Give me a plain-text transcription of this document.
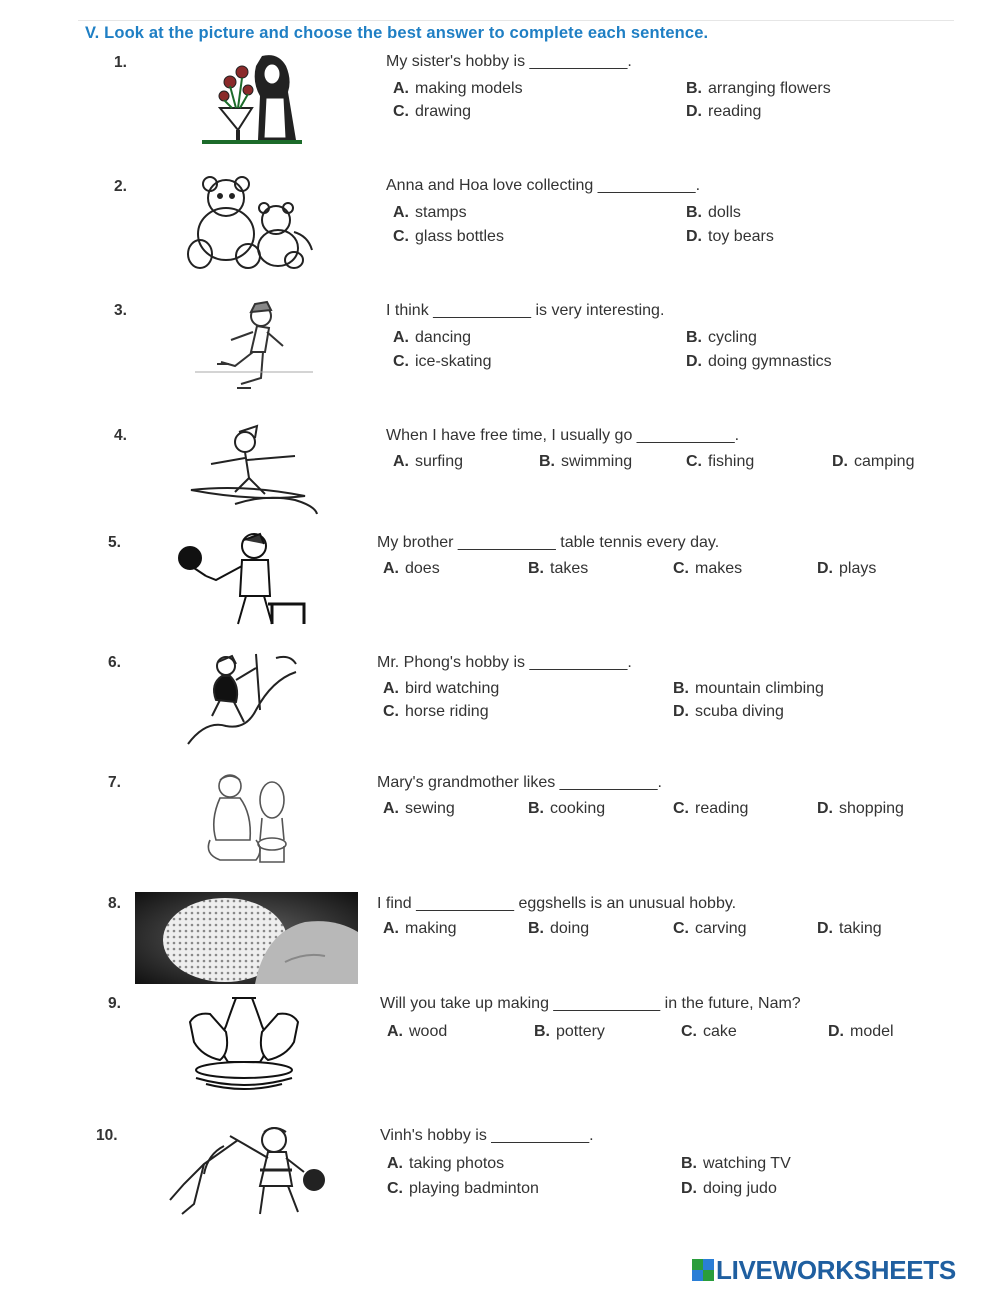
V. Look at the picture and choose the best answer to complete each sentence.
1.	My sister's hobby is ___________.
A. making models	B. arranging flowers
C. drawing	D. reading
2.	Anna and Hoa love collecting ___________.
A. stamps	B. dolls
C. glass bottles	D. toy bears
3.	I think ___________ is very interesting.
A. dancing	B. cycling
C. ice-skating	D. doing gymnastics
4.	When I have free time, I usually go ___________.
A. surfing	B. swimming	C. fishing	D. camping
5.	My brother ___________ table tennis every day.
A. does	B. takes	C. makes	D. plays
6.	Mr. Phong's hobby is ___________.
A. bird watching	B. mountain climbing
C. horse riding	D. scuba diving
7.	Mary's grandmother likes ___________.
A. sewing	B. cooking	C. reading	D. shopping
8.	I find ___________ eggshells is an unusual hobby.
A. making	B. doing	C. carving	D. taking
9.	Will you take up making ____________ in the future, Nam?
A. wood	B. pottery	C. cake	D. model
10.	Vinh's hobby is ___________.
A. taking photos	B. watching TV
C. playing badminton	D. doing judo
LIVEWORKSHEETS
